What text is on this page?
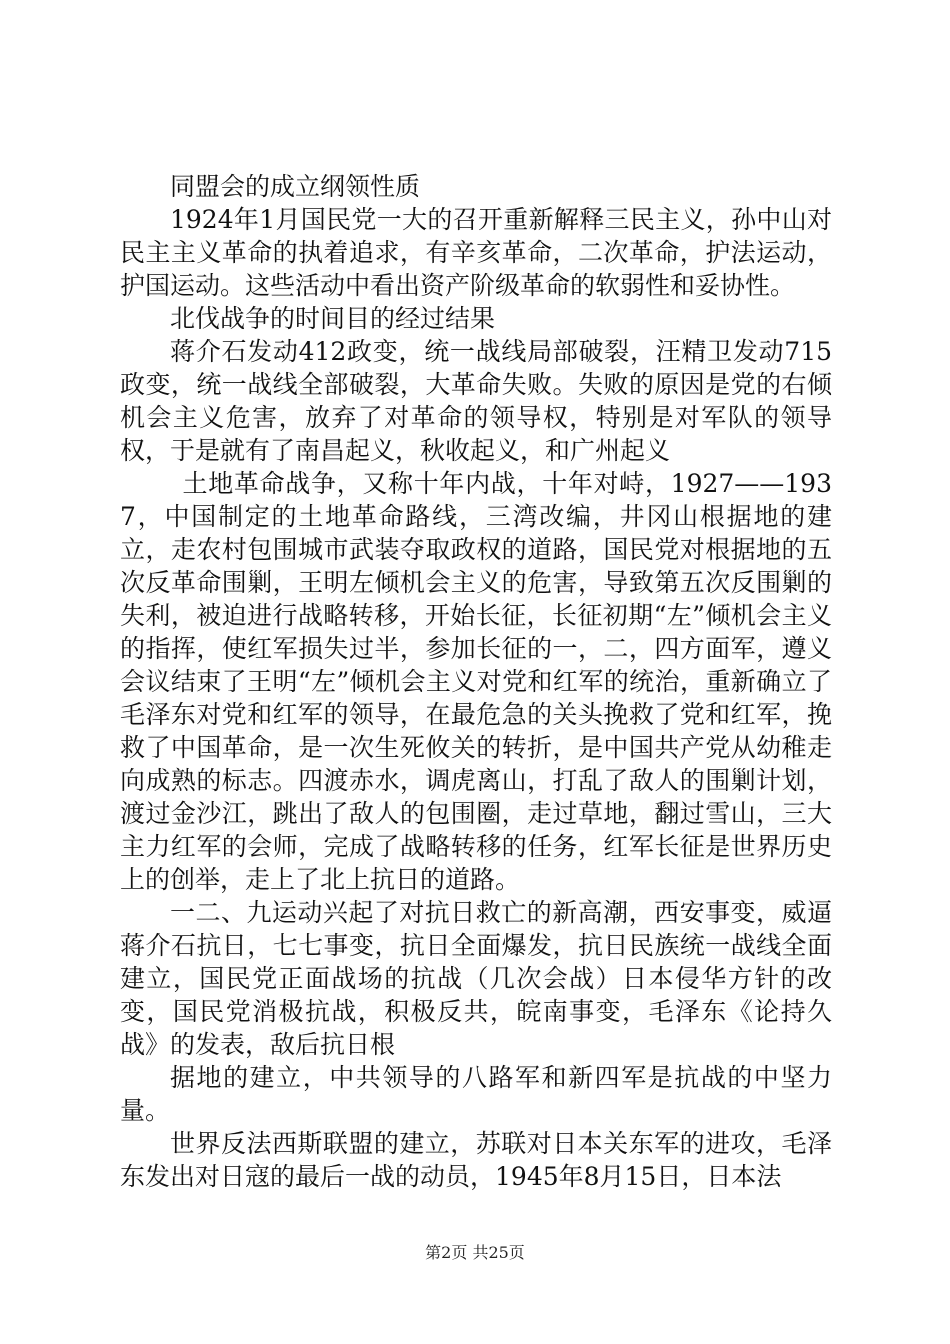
同盟会的成立纲领性质

1924年1月国民党一大的召开重新解释三民主义，孙中山对民主主义革命的执着追求，有辛亥革命，二次革命，护法运动，护国运动。这些活动中看出资产阶级革命的软弱性和妥协性。

北伐战争的时间目的经过结果

蒋介石发动412政变，统一战线局部破裂，汪精卫发动715政变，统一战线全部破裂，大革命失败。失败的原因是党的右倾机会主义危害，放弃了对革命的领导权，特别是对军队的领导权，于是就有了南昌起义，秋收起义，和广州起义

土地革命战争，又称十年内战，十年对峙，1927——1937，中国制定的土地革命路线，三湾改编，井冈山根据地的建立，走农村包围城市武装夺取政权的道路，国民党对根据地的五次反革命围剿，王明左倾机会主义的危害，导致第五次反围剿的失利，被迫进行战略转移，开始长征，长征初期“左”倾机会主义的指挥，使红军损失过半，参加长征的一，二，四方面军，遵义会议结束了王明“左”倾机会主义对党和红军的统治，重新确立了毛泽东对党和红军的领导，在最危急的关头挽救了党和红军，挽救了中国革命，是一次生死攸关的转折，是中国共产党从幼稚走向成熟的标志。四渡赤水，调虎离山，打乱了敌人的围剿计划，渡过金沙江，跳出了敌人的包围圈，走过草地，翻过雪山，三大主力红军的会师，完成了战略转移的任务，红军长征是世界历史上的创举，走上了北上抗日的道路。

一二、九运动兴起了对抗日救亡的新高潮，西安事变，威逼蒋介石抗日，七七事变，抗日全面爆发，抗日民族统一战线全面建立，国民党正面战场的抗战（几次会战）日本侵华方针的改变，国民党消极抗战，积极反共，皖南事变，毛泽东《论持久战》的发表，敌后抗日根

据地的建立，中共领导的八路军和新四军是抗战的中坚力量。

世界反法西斯联盟的建立，苏联对日本关东军的进攻，毛泽东发出对日寇的最后一战的动员，1945年8月15日，日本法

第2页 共25页
